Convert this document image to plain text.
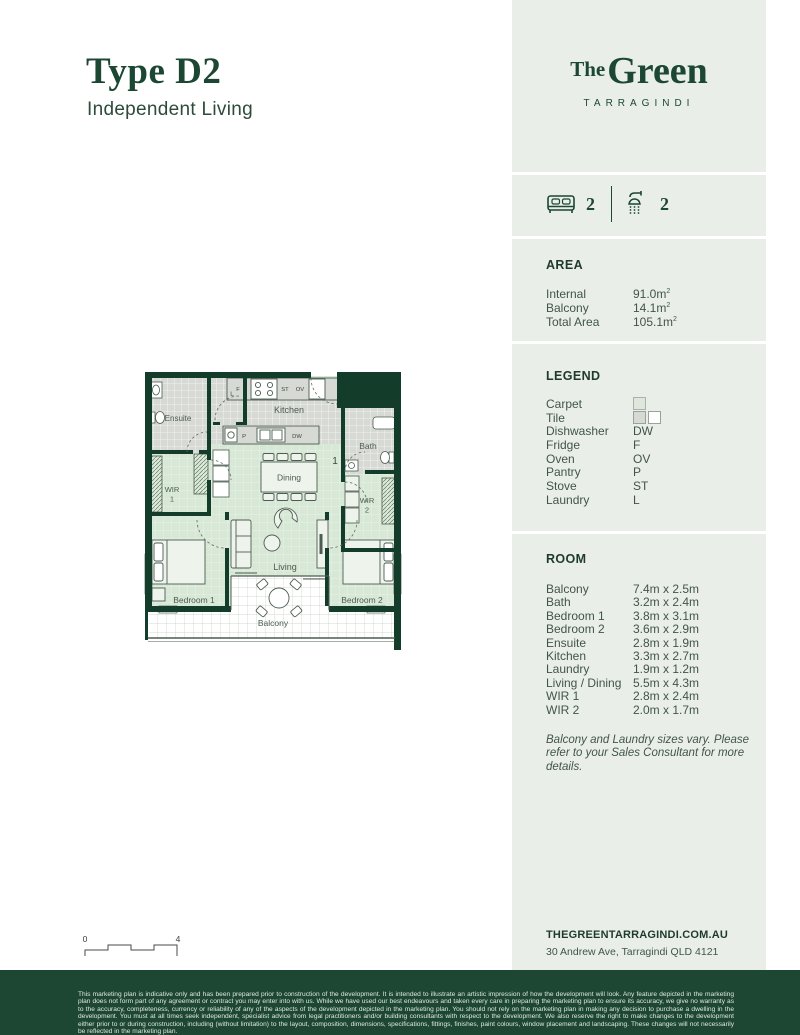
Type D2
Independent Living
The Green
TARRAGINDI
2	2
AREA
Internal	$91.0m^2$
Balcony	$14.1m^2$
Total Area	$105.1m^2$
LEGEND
Carpet
Tile
Dishwasher	DW
Fridge	F
Oven	OV
Pantry	P
Stove	ST
Laundry	L
ROOM
Balcony	7.4m x 2.5m
Bath	3.2m x 2.4m
Bedroom 1	3.8m x 3.1m
Bedroom 2	3.6m x 2.9m
Ensuite	2.8m x 1.9m
Kitchen	3.3m x 2.7m
Laundry	1.9m x 1.2m
Living / Dining 5.5m x 4.3m
WIR 1	2.8m x 2.4m
WIR 2	2.0m x 1.7m
Balcony and Laundry sizes vary. Please refer to your Sales Consultant for more details.
THEGREENTARRAGINDI.COM.AU
30 Andrew Ave, Tarragindi QLD 4121
Kitchen
Dining
Living
Balcony
Bedroom 1	Bedroom 2
Bath
Ensuite
WIR
1	WIR
2
L
1
F	ST OV
P	DW
0	4
This marketing plan is indicative only and has been prepared prior to construction of the development. It is intended to illustrate an artistic impression of how the development will look. Any feature depicted in the marketing plan does not form part of any agreement or contract you may enter into with us. While we have used our best endeavours and taken every care in preparing the marketing plan to ensure its accuracy, we give no warranty as to the accuracy, completeness, currency or reliability of any of the aspects of the development depicted in the marketing plan. You should not rely on the marketing plan in making any decision to purchase a dwelling in the development. You must at all times seek independent, specialist advice from legal practitioners and/or building consultants with respect to the development. We also reserve the right to make changes to the development either prior to or during construction, including (without limitation) to the layout, composition, dimensions, specifications, fittings, finishes, paint colours, window placement and landscaping. These changes will not necessarily be reflected in the marketing plan.
